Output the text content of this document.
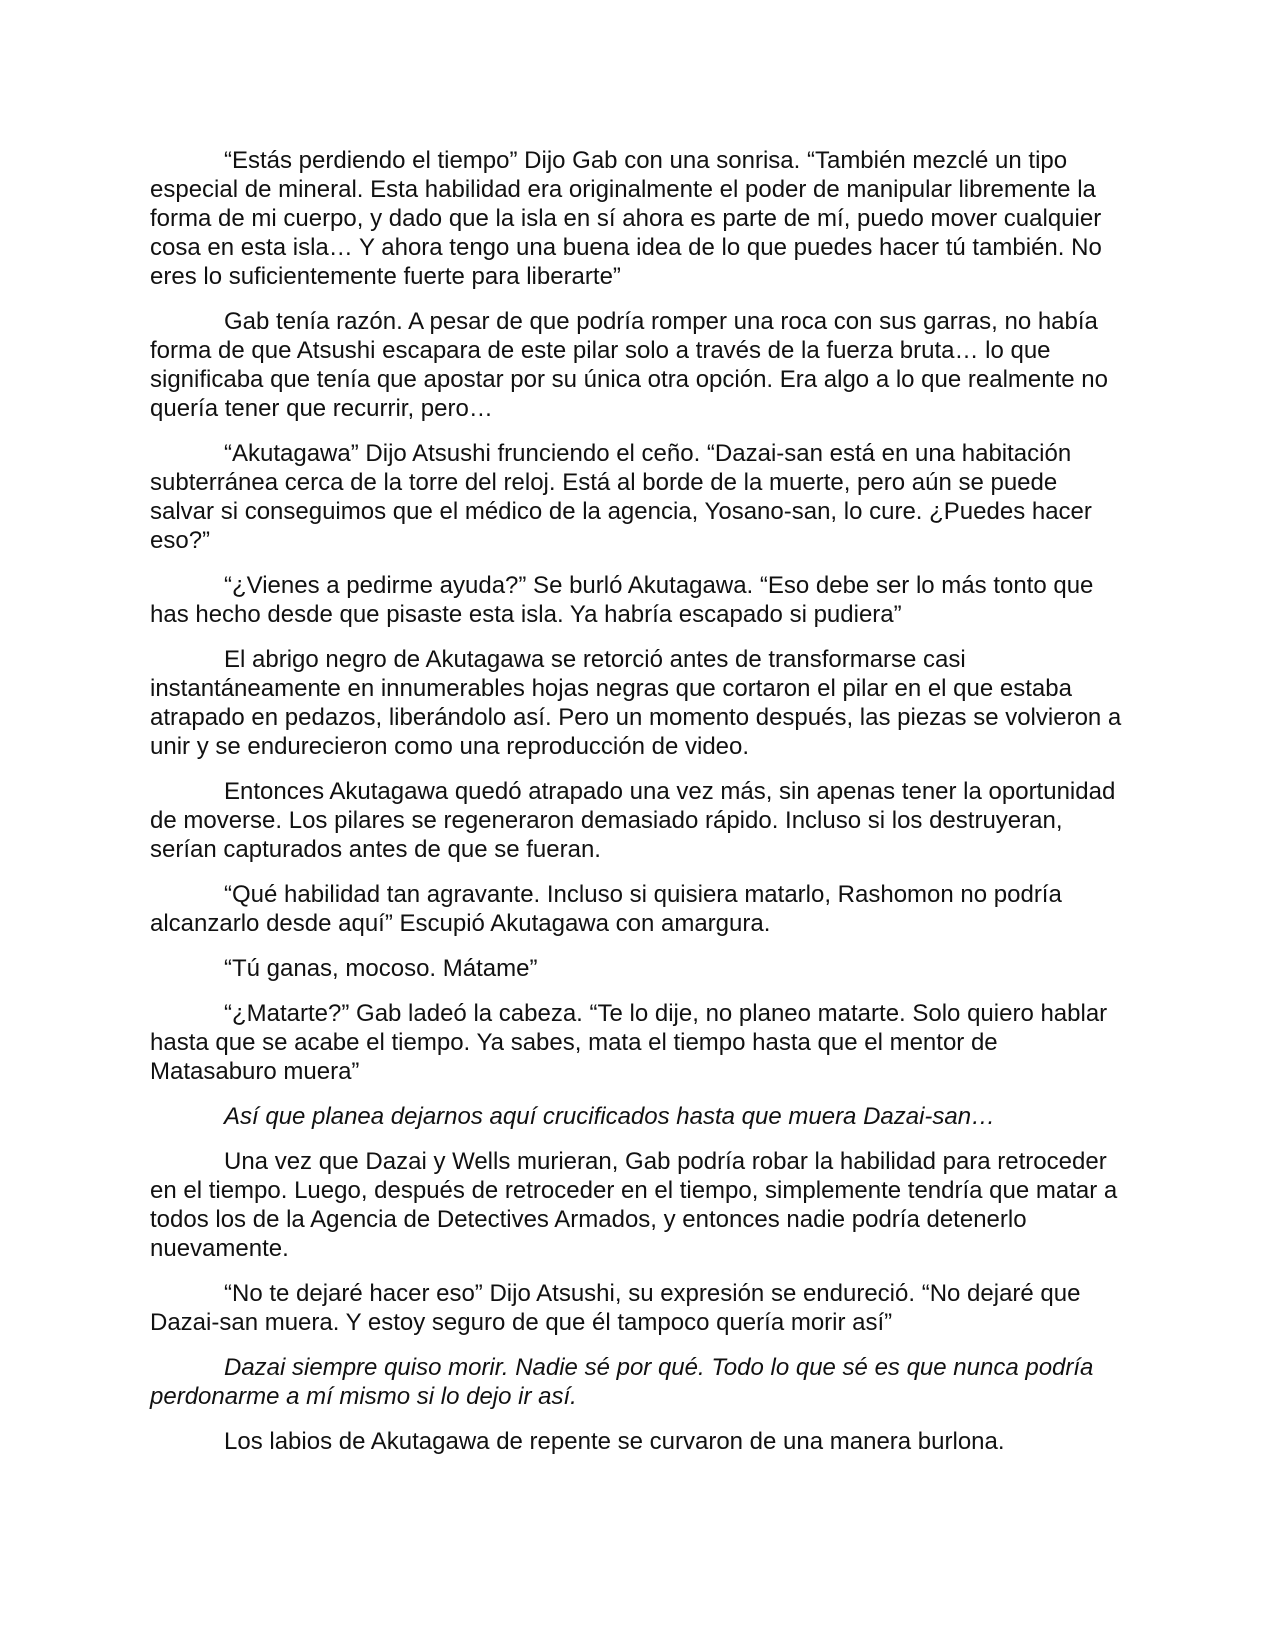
“Estás perdiendo el tiempo” Dijo Gab con una sonrisa. “También mezclé un tipo especial de mineral. Esta habilidad era originalmente el poder de manipular libremente la forma de mi cuerpo, y dado que la isla en sí ahora es parte de mí, puedo mover cualquier cosa en esta isla… Y ahora tengo una buena idea de lo que puedes hacer tú también. No eres lo suficientemente fuerte para liberarte”

Gab tenía razón. A pesar de que podría romper una roca con sus garras, no había forma de que Atsushi escapara de este pilar solo a través de la fuerza bruta… lo que significaba que tenía que apostar por su única otra opción. Era algo a lo que realmente no quería tener que recurrir, pero…

“Akutagawa” Dijo Atsushi frunciendo el ceño. “Dazai-san está en una habitación subterránea cerca de la torre del reloj. Está al borde de la muerte, pero aún se puede salvar si conseguimos que el médico de la agencia, Yosano-san, lo cure. ¿Puedes hacer eso?”

“¿Vienes a pedirme ayuda?” Se burló Akutagawa. “Eso debe ser lo más tonto que has hecho desde que pisaste esta isla. Ya habría escapado si pudiera”

El abrigo negro de Akutagawa se retorció antes de transformarse casi instantáneamente en innumerables hojas negras que cortaron el pilar en el que estaba atrapado en pedazos, liberándolo así. Pero un momento después, las piezas se volvieron a unir y se endurecieron como una reproducción de video.

Entonces Akutagawa quedó atrapado una vez más, sin apenas tener la oportunidad de moverse. Los pilares se regeneraron demasiado rápido. Incluso si los destruyeran, serían capturados antes de que se fueran.

“Qué habilidad tan agravante. Incluso si quisiera matarlo, Rashomon no podría alcanzarlo desde aquí” Escupió Akutagawa con amargura.

“Tú ganas, mocoso. Mátame”

“¿Matarte?” Gab ladeó la cabeza. “Te lo dije, no planeo matarte. Solo quiero hablar hasta que se acabe el tiempo. Ya sabes, mata el tiempo hasta que el mentor de Matasaburo muera”

Así que planea dejarnos aquí crucificados hasta que muera Dazai-san…

Una vez que Dazai y Wells murieran, Gab podría robar la habilidad para retroceder en el tiempo. Luego, después de retroceder en el tiempo, simplemente tendría que matar a todos los de la Agencia de Detectives Armados, y entonces nadie podría detenerlo nuevamente.

“No te dejaré hacer eso” Dijo Atsushi, su expresión se endureció. “No dejaré que Dazai-san muera. Y estoy seguro de que él tampoco quería morir así”

Dazai siempre quiso morir. Nadie sé por qué. Todo lo que sé es que nunca podría perdonarme a mí mismo si lo dejo ir así.

Los labios de Akutagawa de repente se curvaron de una manera burlona.
